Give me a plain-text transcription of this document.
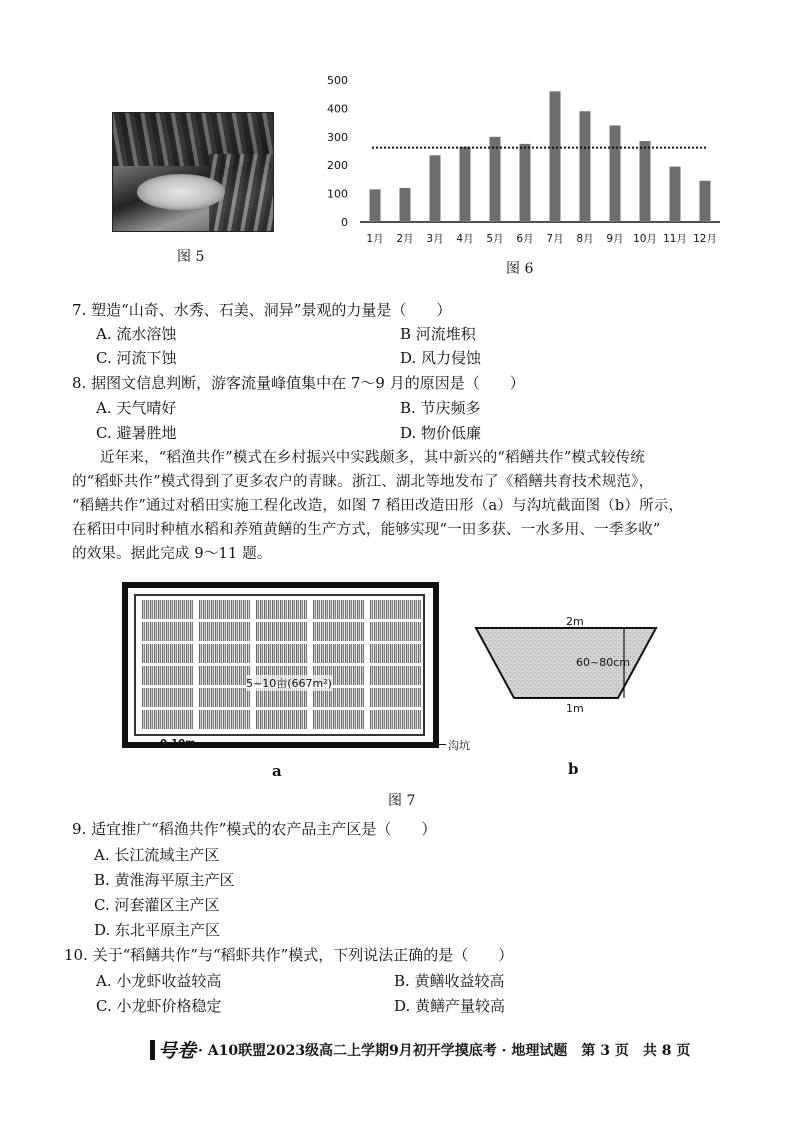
图 5
0
100
200
300
400
500
1月 2月 3月 4月 5月 6月 7月 8月 9月 10月 11月 12月
图 6
7. 塑造“山奇、水秀、石美、洞异”景观的力量是（　　）
A. 流水溶蚀	B 河流堆积
C. 河流下蚀	D. 风力侵蚀
8. 据图文信息判断，游客流量峰值集中在 7～9 月的原因是（　　）
A. 天气晴好	B. 节庆频多
C. 避暑胜地	D. 物价低廉
近年来，“稻渔共作”模式在乡村振兴中实践颇多，其中新兴的“稻鳝共作”模式较传统
的“稻虾共作”模式得到了更多农户的青睐。浙江、湖北等地发布了《稻鳝共育技术规范》，
“稻鳝共作”通过对稻田实施工程化改造，如图 7 稻田改造田形（a）与沟坑截面图（b）所示，
在稻田中同时种植水稻和养殖黄鳝的生产方式，能够实现“一田多获、一水多用、一季多收”
的效果。据此完成 9～11 题。
5~10亩(667m²)
0-10m	沟坑
a
2m
60~80cm
1m
b
图 7
9. 适宜推广“稻渔共作”模式的农产品主产区是（　　）
A. 长江流域主产区
B. 黄淮海平原主产区
C. 河套灌区主产区
D. 东北平原主产区
10. 关于“稻鳝共作”与“稻虾共作”模式，下列说法正确的是（　　）
A. 小龙虾收益较高	B. 黄鳝收益较高
C. 小龙虾价格稳定	D. 黄鳝产量较高
号卷 · A10联盟2023级高二上学期9月初开学摸底考 · 地理试题　第 3 页　共 8 页
